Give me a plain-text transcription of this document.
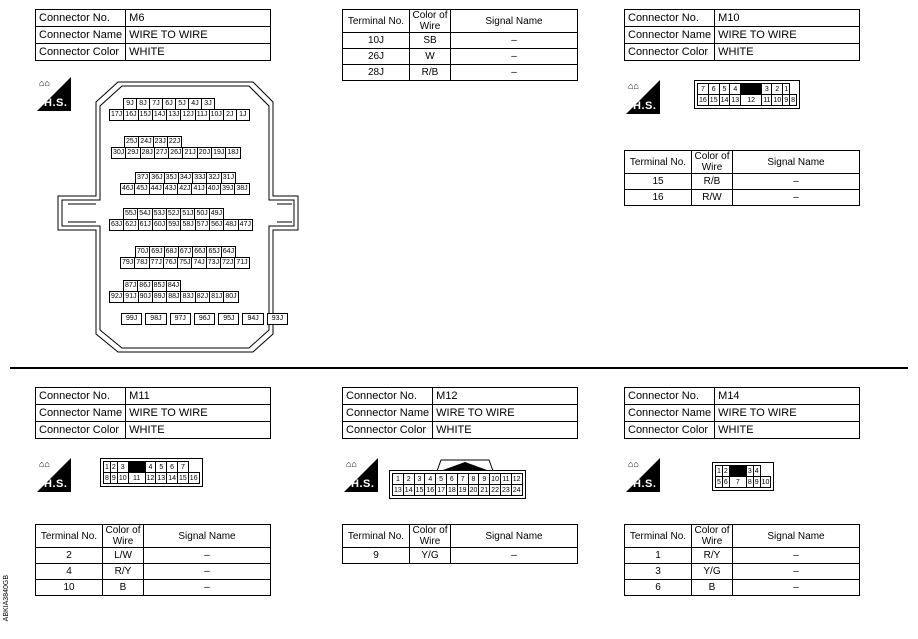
Connector No.	M6
Connector Name	WIRE TO WIRE
Connector Color	WHITE
⌂⌂
H.S.	9J 8J 7J 6J 5J 4J 3J
17J 16J 15J 14J 13J 12J 11J 10J 2J 1J
25J 24J 23J 22J
30J 29J 28J 27J 26J 21J 20J 19J 18J
37J 36J 35J 34J 33J 32J 31J
46J 45J 44J 43J 42J 41J 40J 39J 38J
55J 54J 53J 52J 51J 50J 49J
63J 62J 61J 60J 59J 58J 57J 56J 48J 47J
70J 69J 68J 67J 66J 65J 64J
79J 78J 77J 76J 75J 74J 73J 72J 71J
87J 86J 85J 84J
92J 91J 90J 89J 88J 83J 82J 81J 80J
99J	98J	97J	96J	95J	94J	93J
Terminal No.	Color of Wire	Signal Name
10J	SB	–
26J	W	–
28J	R/B	–
Connector No.	M10
Connector Name	WIRE TO WIRE
Connector Color	WHITE
⌂⌂
H.S.
7	6	5	4		3	2	1	
16	15	14	13	12	11	10	9	8
Terminal No.	Color of Wire	Signal Name
15	R/B	–
16	R/W	–
Connector No.	M11
Connector Name	WIRE TO WIRE
Connector Color	WHITE
⌂⌂
H.S.
1	2	3		4	5	6	7	
8	9	10	11	12	13	14	15	16
Terminal No.	Color of Wire	Signal Name
2	L/W	–
4	R/Y	–
10	B	–
Connector No.	M12
Connector Name	WIRE TO WIRE
Connector Color	WHITE
⌂⌂
H.S.	1	2	3	4	5	6	7	8	9	10	11	12
13	14	15	16	17	18	19	20	21	22	23	24
Terminal No.	Color of Wire	Signal Name
9	Y/G	–
Connector No.	M14
Connector Name	WIRE TO WIRE
Connector Color	WHITE
⌂⌂
H.S.
1	2		3	4	
5	6	7	8	9	10
Terminal No.	Color of Wire	Signal Name
1	R/Y	–
3	Y/G	–
6	B	–
ABKIA3840GB
